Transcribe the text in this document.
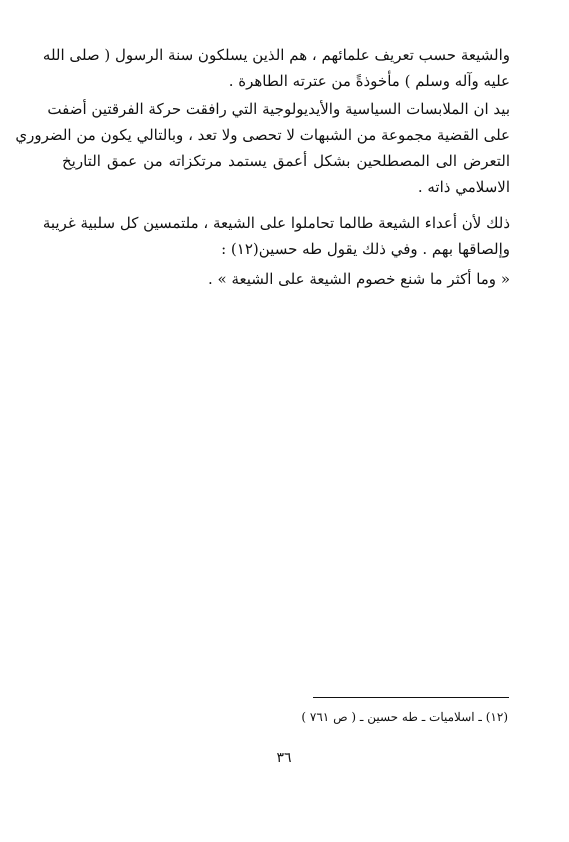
والشيعة حسب تعريف علمائهم ، هم الذين يسلكون سنة الرسول ( صلى الله
عليه وآله وسلم ) مأخوذةً من عترته الطاهرة .

بيد ان الملابسات السياسية والأيديولوجية التي رافقت حركة الفرقتين أضفت
على القضية مجموعة من الشبهات لا تحصى ولا تعد ، وبالتالي يكون من الضروري
التعرض الى المصطلحين بشكل أعمق يستمد مرتكزاته من عمق التاريخ
الاسلامي ذاته .

ذلك لأن أعداء الشيعة طالما تحاملوا على الشيعة ، ملتمسين كل سلبية غريبة
وإلصاقها بهم . وفي ذلك يقول طه حسين(١٢) :

« وما أكثر ما شنع خصوم الشيعة على الشيعة » .

(١٢) ـ اسلاميات ـ طه حسين ـ ( ص ٧٦١ )

٣٦
